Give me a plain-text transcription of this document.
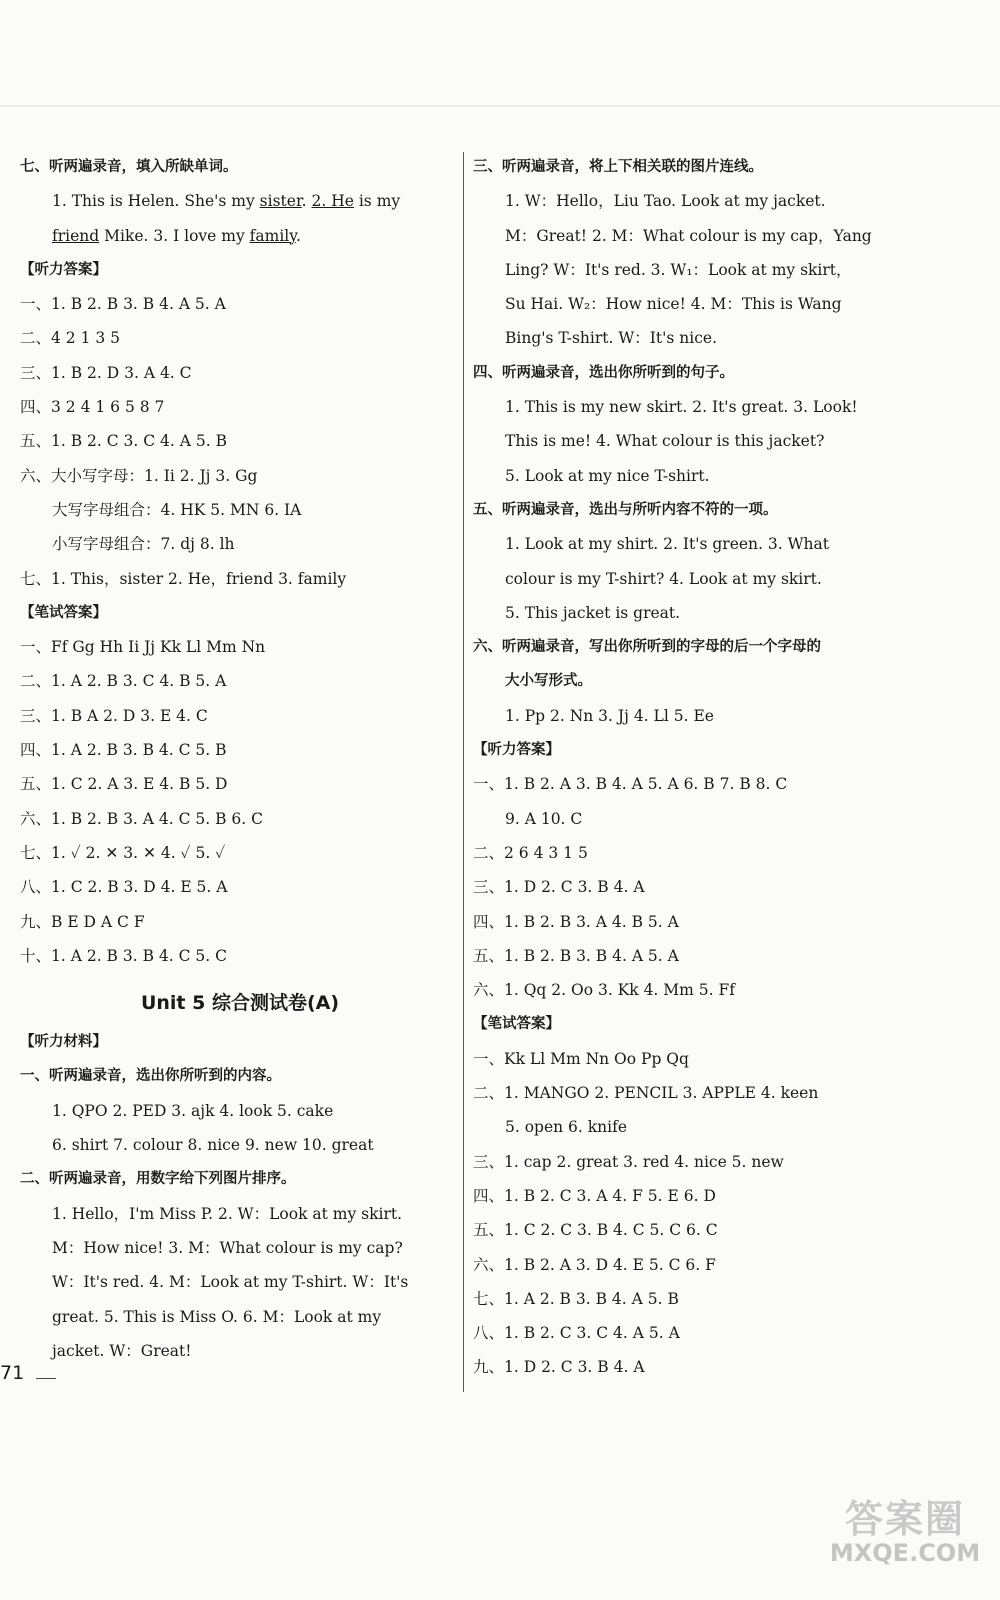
七、听两遍录音，填入所缺单词。
1. This is Helen. She's my sister. 2. He is my
friend Mike. 3. I love my family.
【听力答案】
一、1. B 2. B 3. B 4. A 5. A
二、4 2 1 3 5
三、1. B 2. D 3. A 4. C
四、3 2 4 1 6 5 8 7
五、1. B 2. C 3. C 4. A 5. B
六、大小写字母：1. Ii 2. Jj 3. Gg
大写字母组合：4. HK 5. MN 6. IA
小写字母组合：7. dj 8. lh
七、1. This，sister 2. He，friend 3. family
【笔试答案】
一、Ff Gg Hh Ii Jj Kk Ll Mm Nn
二、1. A 2. B 3. C 4. B 5. A
三、1. B A 2. D 3. E 4. C
四、1. A 2. B 3. B 4. C 5. B
五、1. C 2. A 3. E 4. B 5. D
六、1. B 2. B 3. A 4. C 5. B 6. C
七、1. ✓ 2. ✕ 3. ✕ 4. ✓ 5. ✓
八、1. C 2. B 3. D 4. E 5. A
九、B E D A C F
十、1. A 2. B 3. B 4. C 5. C
Unit 5 综合测试卷(A)
【听力材料】
一、听两遍录音，选出你所听到的内容。
1. QPO 2. PED 3. ajk 4. look 5. cake
6. shirt 7. colour 8. nice 9. new 10. great
二、听两遍录音，用数字给下列图片排序。
1. Hello，I'm Miss P. 2. W：Look at my skirt.
M：How nice! 3. M：What colour is my cap?
W：It's red. 4. M：Look at my T-shirt. W：It's
great. 5. This is Miss O. 6. M：Look at my
jacket. W：Great!
三、听两遍录音，将上下相关联的图片连线。
1. W：Hello，Liu Tao. Look at my jacket.
M：Great! 2. M：What colour is my cap，Yang
Ling? W：It's red. 3. W₁：Look at my skirt，
Su Hai. W₂：How nice! 4. M：This is Wang
Bing's T-shirt. W：It's nice.
四、听两遍录音，选出你所听到的句子。
1. This is my new skirt. 2. It's great. 3. Look!
This is me! 4. What colour is this jacket?
5. Look at my nice T-shirt.
五、听两遍录音，选出与所听内容不符的一项。
1. Look at my shirt. 2. It's green. 3. What
colour is my T-shirt? 4. Look at my skirt.
5. This jacket is great.
六、听两遍录音，写出你所听到的字母的后一个字母的
大小写形式。
1. Pp 2. Nn 3. Jj 4. Ll 5. Ee
【听力答案】
一、1. B 2. A 3. B 4. A 5. A 6. B 7. B 8. C
9. A 10. C
二、2 6 4 3 1 5
三、1. D 2. C 3. B 4. A
四、1. B 2. B 3. A 4. B 5. A
五、1. B 2. B 3. B 4. A 5. A
六、1. Qq 2. Oo 3. Kk 4. Mm 5. Ff
【笔试答案】
一、Kk Ll Mm Nn Oo Pp Qq
二、1. MANGO 2. PENCIL 3. APPLE 4. keen
5. open 6. knife
三、1. cap 2. great 3. red 4. nice 5. new
四、1. B 2. C 3. A 4. F 5. E 6. D
五、1. C 2. C 3. B 4. C 5. C 6. C
六、1. B 2. A 3. D 4. E 5. C 6. F
七、1. A 2. B 3. B 4. A 5. B
八、1. B 2. C 3. C 4. A 5. A
九、1. D 2. C 3. B 4. A
71
答案圈
MXQE.COM
